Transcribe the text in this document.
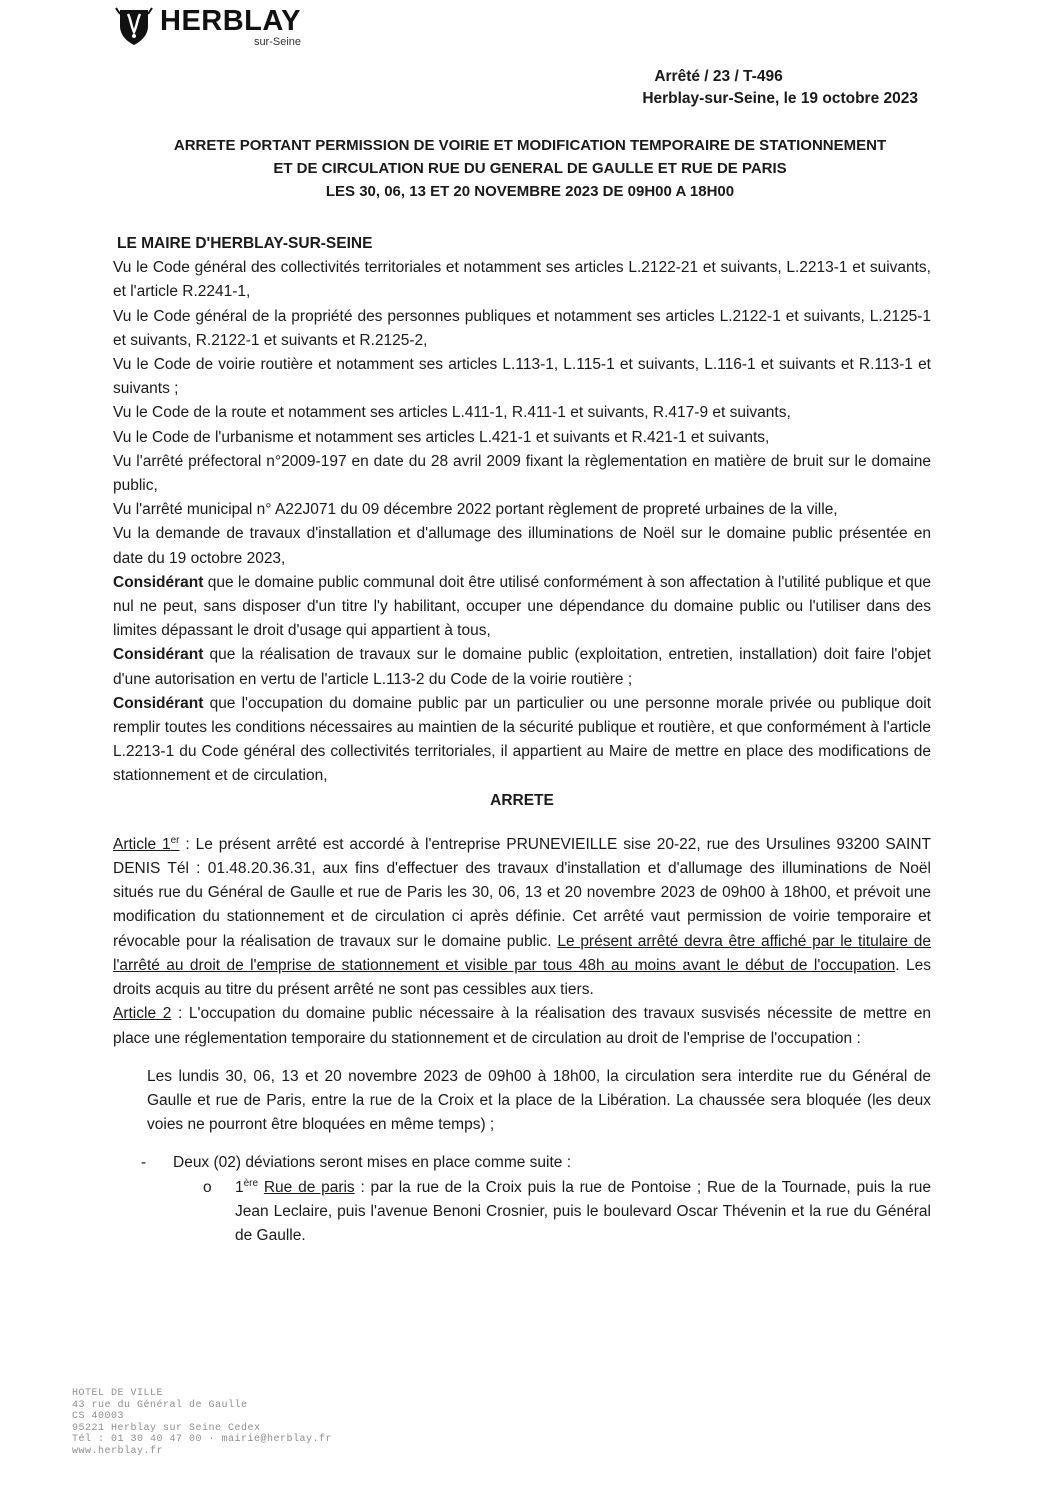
HERBLAY
sur-Seine
Arrêté / 23 / T-496
Herblay-sur-Seine, le 19 octobre 2023
ARRETE PORTANT PERMISSION DE VOIRIE ET MODIFICATION TEMPORAIRE DE STATIONNEMENT
ET DE CIRCULATION RUE DU GENERAL DE GAULLE ET RUE DE PARIS
LES 30, 06, 13 ET 20 NOVEMBRE 2023 DE 09H00 A 18H00

LE MAIRE D'HERBLAY-SUR-SEINE

Vu le Code général des collectivités territoriales et notamment ses articles L.2122-21 et suivants, L.2213-1 et suivants, et l'article R.2241-1,

Vu le Code général de la propriété des personnes publiques et notamment ses articles L.2122-1 et suivants, L.2125-1 et suivants, R.2122-1 et suivants et R.2125-2,

Vu le Code de voirie routière et notamment ses articles L.113-1, L.115-1 et suivants, L.116-1 et suivants et R.113-1 et suivants ;

Vu le Code de la route et notamment ses articles L.411-1, R.411-1 et suivants, R.417-9 et suivants,

Vu le Code de l'urbanisme et notamment ses articles L.421-1 et suivants et R.421-1 et suivants,

Vu l'arrêté préfectoral n°2009-197 en date du 28 avril 2009 fixant la règlementation en matière de bruit sur le domaine public,

Vu l'arrêté municipal n° A22J071 du 09 décembre 2022 portant règlement de propreté urbaines de la ville,

Vu la demande de travaux d'installation et d'allumage des illuminations de Noël sur le domaine public présentée en date du 19 octobre 2023,

Considérant que le domaine public communal doit être utilisé conformément à son affectation à l'utilité publique et que nul ne peut, sans disposer d'un titre l'y habilitant, occuper une dépendance du domaine public ou l'utiliser dans des limites dépassant le droit d'usage qui appartient à tous,

Considérant que la réalisation de travaux sur le domaine public (exploitation, entretien, installation) doit faire l'objet d'une autorisation en vertu de l'article L.113-2 du Code de la voirie routière ;

Considérant que l'occupation du domaine public par un particulier ou une personne morale privée ou publique doit remplir toutes les conditions nécessaires au maintien de la sécurité publique et routière, et que conformément à l'article L.2213-1 du Code général des collectivités territoriales, il appartient au Maire de mettre en place des modifications de stationnement et de circulation,

ARRETE

Article 1er : Le présent arrêté est accordé à l'entreprise PRUNEVIEILLE sise 20-22, rue des Ursulines 93200 SAINT DENIS Tél : 01.48.20.36.31, aux fins d'effectuer des travaux d'installation et d'allumage des illuminations de Noël situés rue du Général de Gaulle et rue de Paris les 30, 06, 13 et 20 novembre 2023 de 09h00 à 18h00, et prévoit une modification du stationnement et de circulation ci après définie. Cet arrêté vaut permission de voirie temporaire et révocable pour la réalisation de travaux sur le domaine public. Le présent arrêté devra être affiché par le titulaire de l'arrêté au droit de l'emprise de stationnement et visible par tous 48h au moins avant le début de l'occupation. Les droits acquis au titre du présent arrêté ne sont pas cessibles aux tiers.

Article 2 : L'occupation du domaine public nécessaire à la réalisation des travaux susvisés nécessite de mettre en place une réglementation temporaire du stationnement et de circulation au droit de l'emprise de l'occupation :

Les lundis 30, 06, 13 et 20 novembre 2023 de 09h00 à 18h00, la circulation sera interdite rue du Général de Gaulle et rue de Paris, entre la rue de la Croix et la place de la Libération. La chaussée sera bloquée (les deux voies ne pourront être bloquées en même temps) ;

- Deux (02) déviations seront mises en place comme suite :

o 1ère Rue de paris : par la rue de la Croix puis la rue de Pontoise ; Rue de la Tournade, puis la rue Jean Leclaire, puis l'avenue Benoni Crosnier, puis le boulevard Oscar Thévenin et la rue du Général de Gaulle.

HOTEL DE VILLE
43 rue du Général de Gaulle
CS 40003
95221 Herblay sur Seine Cedex
Tél : 01 30 40 47 00 · mairie@herblay.fr
www.herblay.fr
